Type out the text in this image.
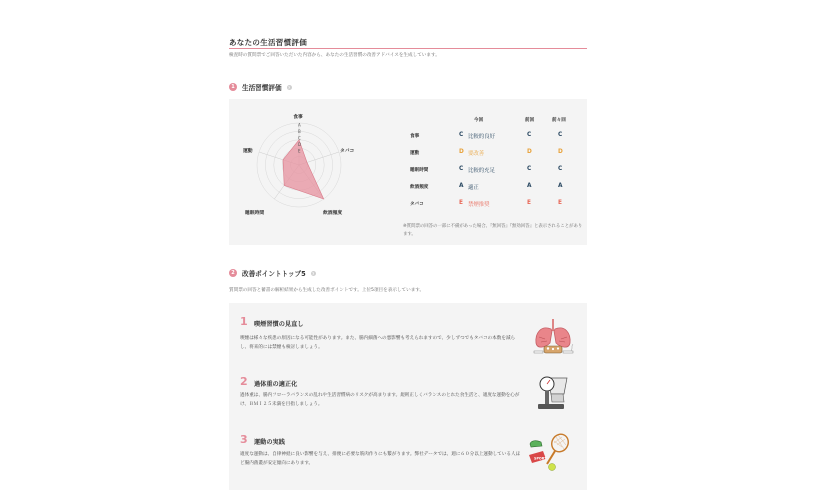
あなたの生活習慣評価
検査時の質問票でご回答いただいた内容から、あなたの生活習慣の改善アドバイスを生成しています。
1	生活習慣評価	?
食事
タバコ
飲酒頻度
睡眠時間
運動
A
B
C
D
E
今回	前回	前々回
食事	C 比較的良好	C	C
運動	D 要改善	D	D
睡眠時間	C 比較的充足	C	C
飲酒頻度	A 適正	A	A
タバコ	E 禁煙推奨	E	E
※質問票の回答の一部に不備があった場合、『無回答』『無効回答』と表示されることがあります。
2	改善ポイントトップ5	?
質問票の回答と蓄書の解析結果から生成した改善ポイントです。上位5項目を表示しています。
1 喫煙習慣の見直し
喫煙は様々な疾患の原因になる可能性があります。また、腸内細菌への悪影響も考えられますので、少しずつでもタバコの本数を減らし、将来的には禁煙も検討しましょう。
2 過体重の適正化
過体重は、腸内フローラバランスの乱れや生活習慣病のリスクが高まります。規則正しくバランスのとれた食生活と、適度な運動を心がけ、ＢＭＩ２５未満を目指しましょう。
3 運動の実践
適度な運動は、自律神経に良い影響を与え、排便に必要な筋肉作りにも繋がります。弊社データでは、週に６０分以上運動している人ほど腸内菌叢が安定傾向にあります。
SPORT
